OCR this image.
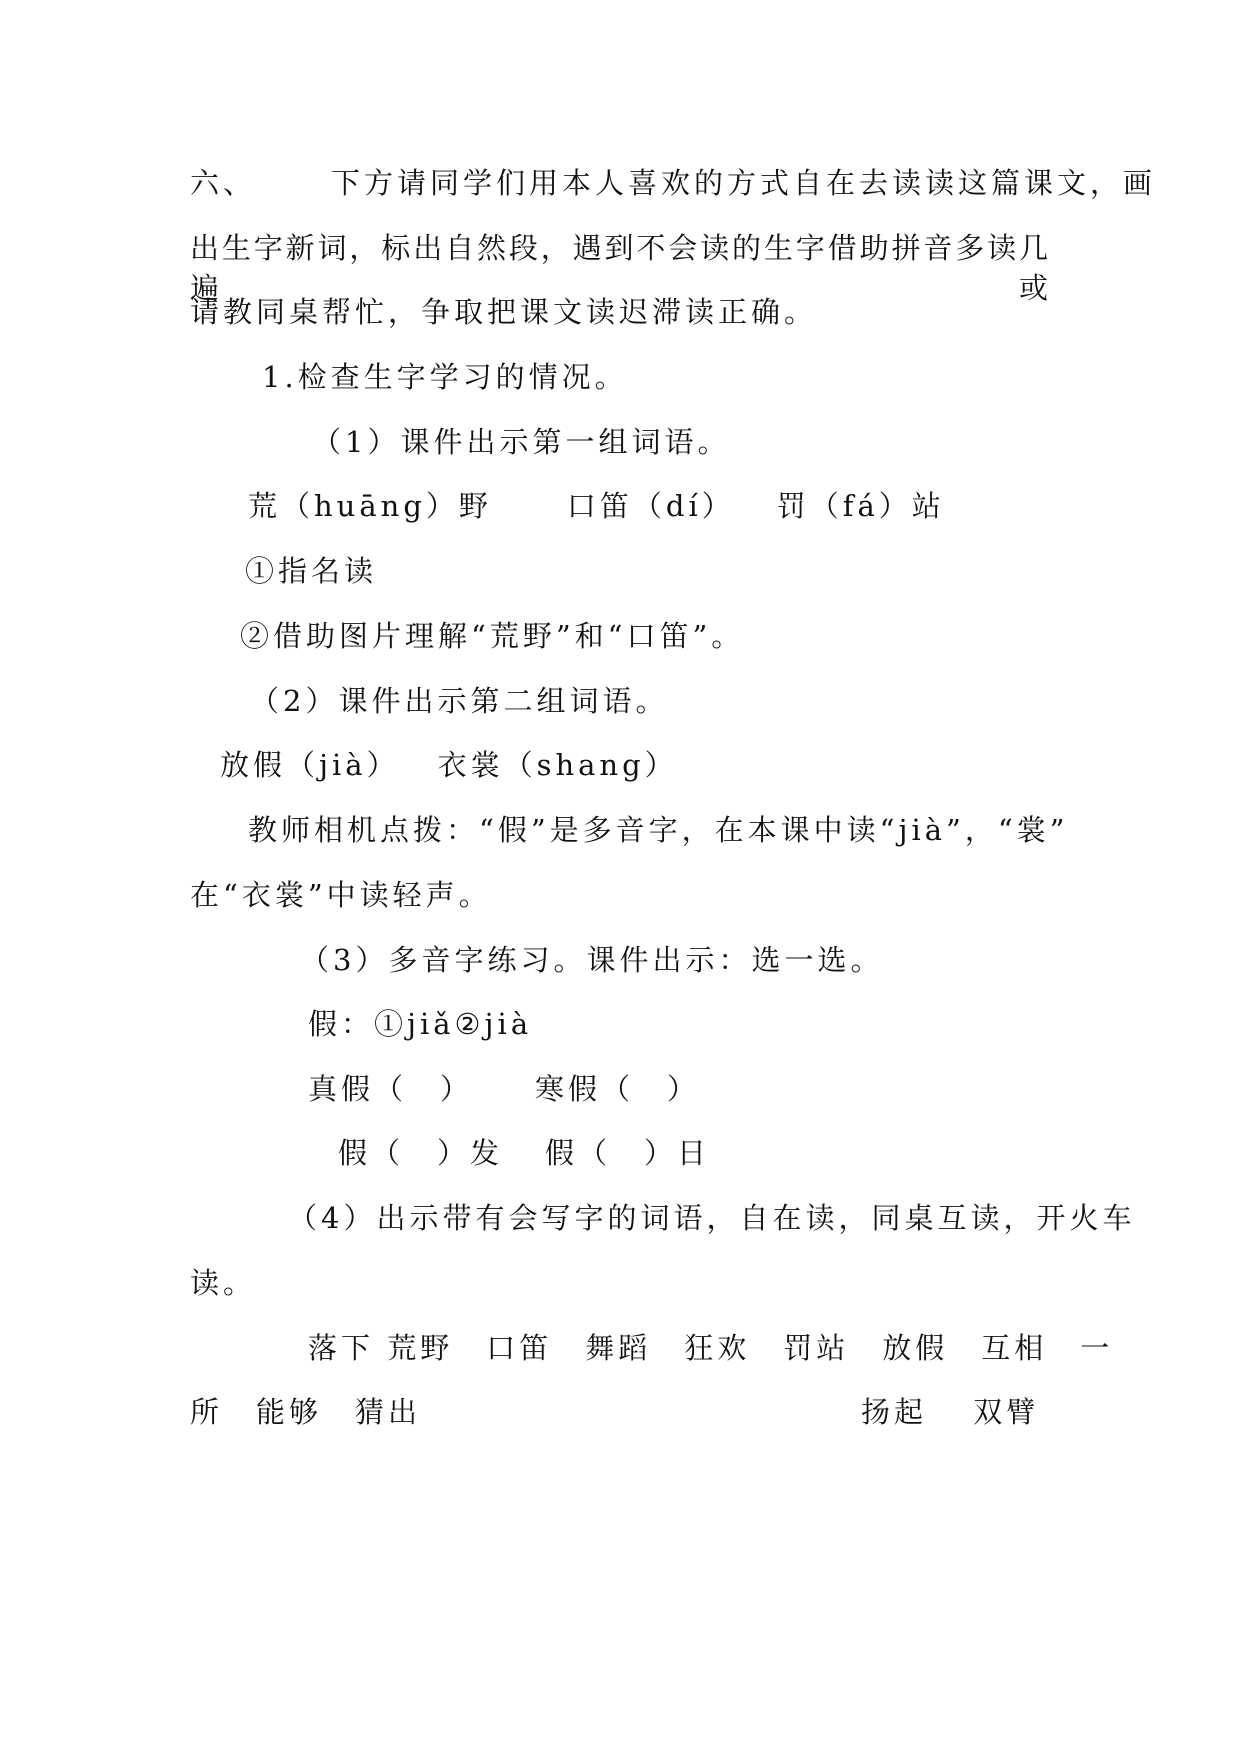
六、	下方请同学们用本人喜欢的方式自在去读读这篇课文，画
出生字新词，标出自然段，遇到不会读的生字借助拼音多读几遍或
请教同桌帮忙，争取把课文读迟滞读正确。
1.检查生字学习的情况。
（1）课件出示第一组词语。
荒（huāng）野	口笛（dí） 罚（fá）站
①指名读
②借助图片理解“荒野”和“口笛”。
（2）课件出示第二组词语。
放假（jià） 衣裳（shang）
教师相机点拨：“假”是多音字，在本课中读“jià”，“裳”
在“衣裳”中读轻声。
（3）多音字练习。课件出示：选一选。
假：①jiǎ②jià
真假（　） 寒假（　）
假（　）发 假（　）日
（4）出示带有会写字的词语，自在读，同桌互读，开火车
读。
落下 荒野　口笛　舞蹈　狂欢　罚站　放假　互相　一
所　能够　猜出	扬起　 双臂
